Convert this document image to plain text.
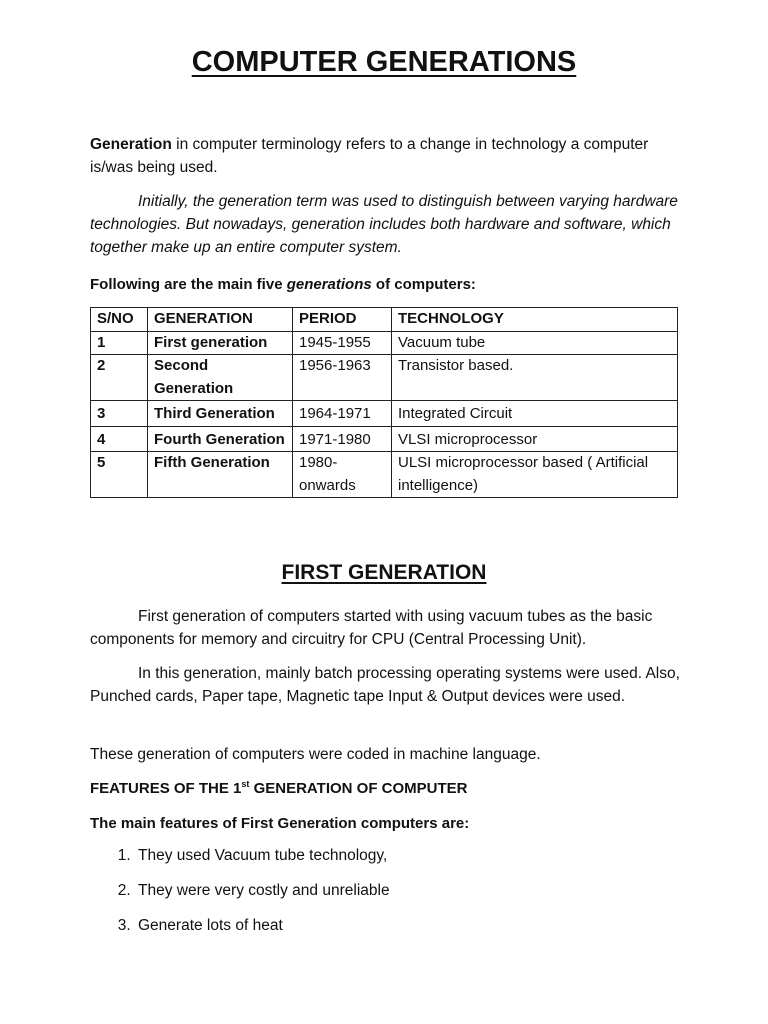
COMPUTER GENERATIONS
Generation in computer terminology refers to a change in technology a computer is/was being used.
Initially, the generation term was used to distinguish between varying hardware technologies. But nowadays, generation includes both hardware and software, which together make up an entire computer system.
Following are the main five generations of computers:
S/NO	GENERATION	PERIOD	TECHNOLOGY
1	First generation	1945-1955	Vacuum tube
2	Second Generation	1956-1963	Transistor based.
3	Third Generation	1964-1971	Integrated Circuit
4	Fourth Generation	1971-1980	VLSI microprocessor
5	Fifth Generation	1980-onwards	ULSI microprocessor based ( Artificial intelligence)
FIRST GENERATION
First generation of computers started with using vacuum tubes as the basic components for memory and circuitry for CPU (Central Processing Unit).
In this generation, mainly batch processing operating systems were used. Also, Punched cards, Paper tape, Magnetic tape Input & Output devices were used.
These generation of computers were coded in machine language.
FEATURES OF THE 1st GENERATION OF COMPUTER
The main features of First Generation computers are:
1. They used Vacuum tube technology,
2. They were very costly and unreliable
3. Generate lots of heat
